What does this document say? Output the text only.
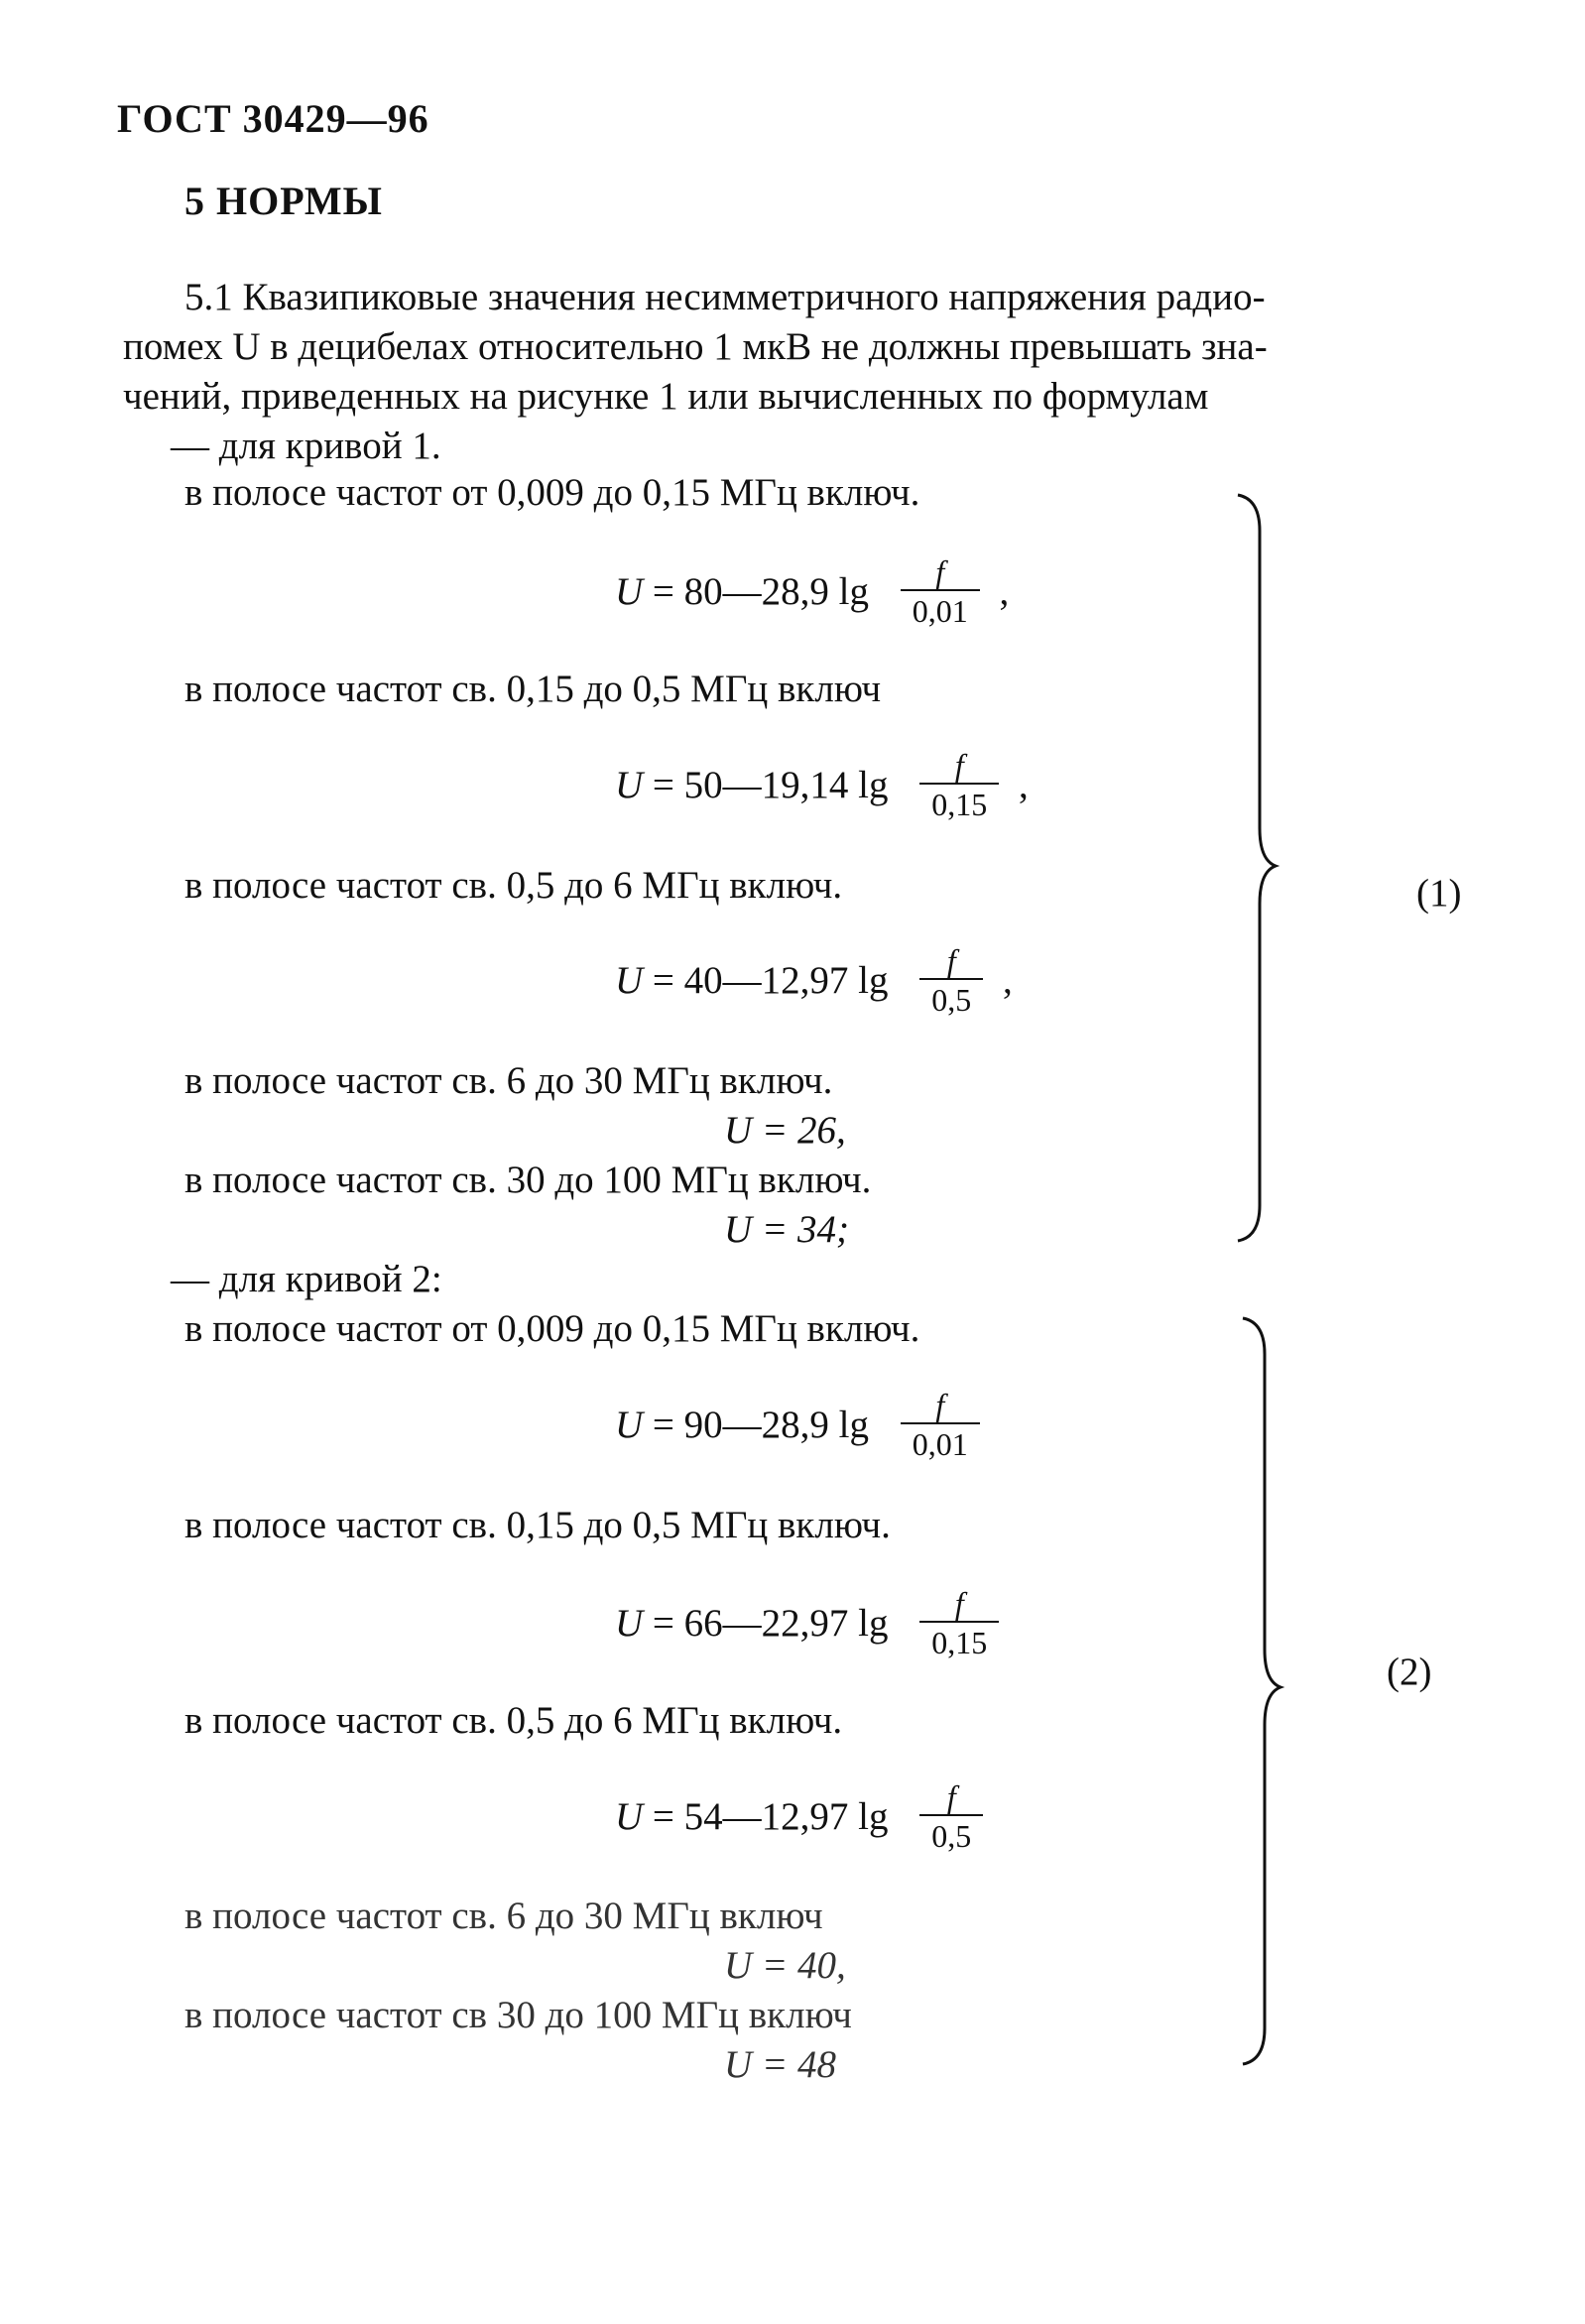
ГОСТ 30429—96
5 НОРМЫ
5.1 Квазипиковые значения несимметричного напряжения радио-
помех U в децибелах относительно 1 мкВ не должны превышать зна-
чений, приведенных на рисунке 1 или вычисленных по формулам
— для кривой 1.
в полосе частот от 0,009 до 0,15 МГц включ.
U = 80—28,9 $\lg \frac{f}{0,01}$ ,
в полосе частот св. 0,15 до 0,5 МГц включ
U = 50—19,14 $\lg \frac{f}{0,15}$ ,
в полосе частот св. 0,5 до 6 МГц включ.
U = 40—12,97 $\lg \frac{f}{0,5}$ ,
в полосе частот св. 6 до 30 МГц включ.
U = 26,
в полосе частот св. 30 до 100 МГц включ.
U = 34;
(1)
— для кривой 2:
в полосе частот от 0,009 до 0,15 МГц включ.
U = 90—28,9 $\lg \frac{f}{0,01}$
в полосе частот св. 0,15 до 0,5 МГц включ.
U = 66—22,97 $\lg \frac{f}{0,15}$
в полосе частот св. 0,5 до 6 МГц включ.
U = 54—12,97 $\lg \frac{f}{0,5}$
в полосе частот св. 6 до 30 МГц включ
U = 40,
в полосе частот св 30 до 100 МГц включ
U = 48
(2)
